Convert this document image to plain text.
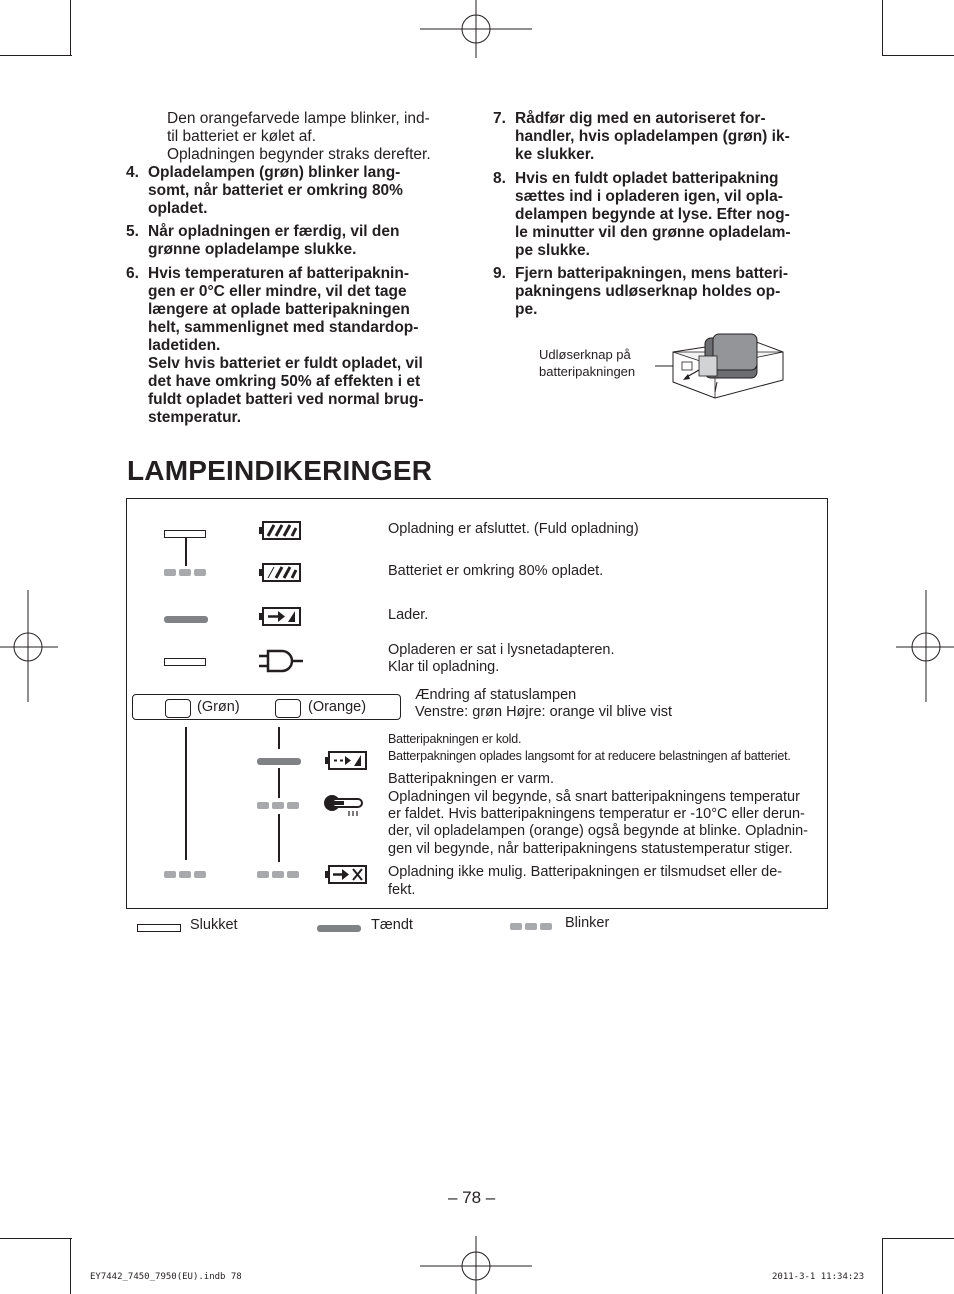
Den orangefarvede lampe blinker, ind-
til batteriet er kølet af.
Opladningen begynder straks derefter.
4. Opladelampen (grøn) blinker lang-
somt, når batteriet er omkring 80%
opladet.
5. Når opladningen er færdig, vil den
grønne opladelampe slukke.
6. Hvis temperaturen af batteripaknin-
gen er 0°C eller mindre, vil det tage
længere at oplade batteripakningen
helt, sammenlignet med standardop-
ladetiden.
Selv hvis batteriet er fuldt opladet, vil
det have omkring 50% af effekten i et
fuldt opladet batteri ved normal brug-
stemperatur.
7. Rådfør dig med en autoriseret for-
handler, hvis opladelampen (grøn) ik-
ke slukker.
8. Hvis en fuldt opladet batteripakning
sættes ind i opladeren igen, vil opla-
delampen begynde at lyse. Efter nog-
le minutter vil den grønne opladelam-
pe slukke.
9. Fjern batteripakningen, mens batteri-
pakningens udløserknap holdes op-
pe.
Udløserknap på
batteripakningen
LAMPEINDIKERINGER
Opladning er afsluttet. (Fuld opladning)
Batteriet er omkring 80% opladet.
Lader.
Opladeren er sat i lysnetadapteren.
Klar til opladning.
(Grøn)	(Orange)
Ændring af statuslampen
Venstre: grøn Højre: orange vil blive vist
Batteripakningen er kold.
Batterpakningen oplades langsomt for at reducere belastningen af batteriet.
Batteripakningen er varm.
Opladningen vil begynde, så snart batteripakningens temperatur
er faldet. Hvis batteripakningens temperatur er -10°C eller derun-
der, vil opladelampen (orange) også begynde at blinke. Opladnin-
gen vil begynde, når batteripakningens statustemperatur stiger.
Opladning ikke mulig. Batteripakningen er tilsmudset eller de-
fekt.
Slukket	Tændt	Blinker
– 78 –
EY7442_7450_7950(EU).indb 78	2011-3-1 11:34:23
